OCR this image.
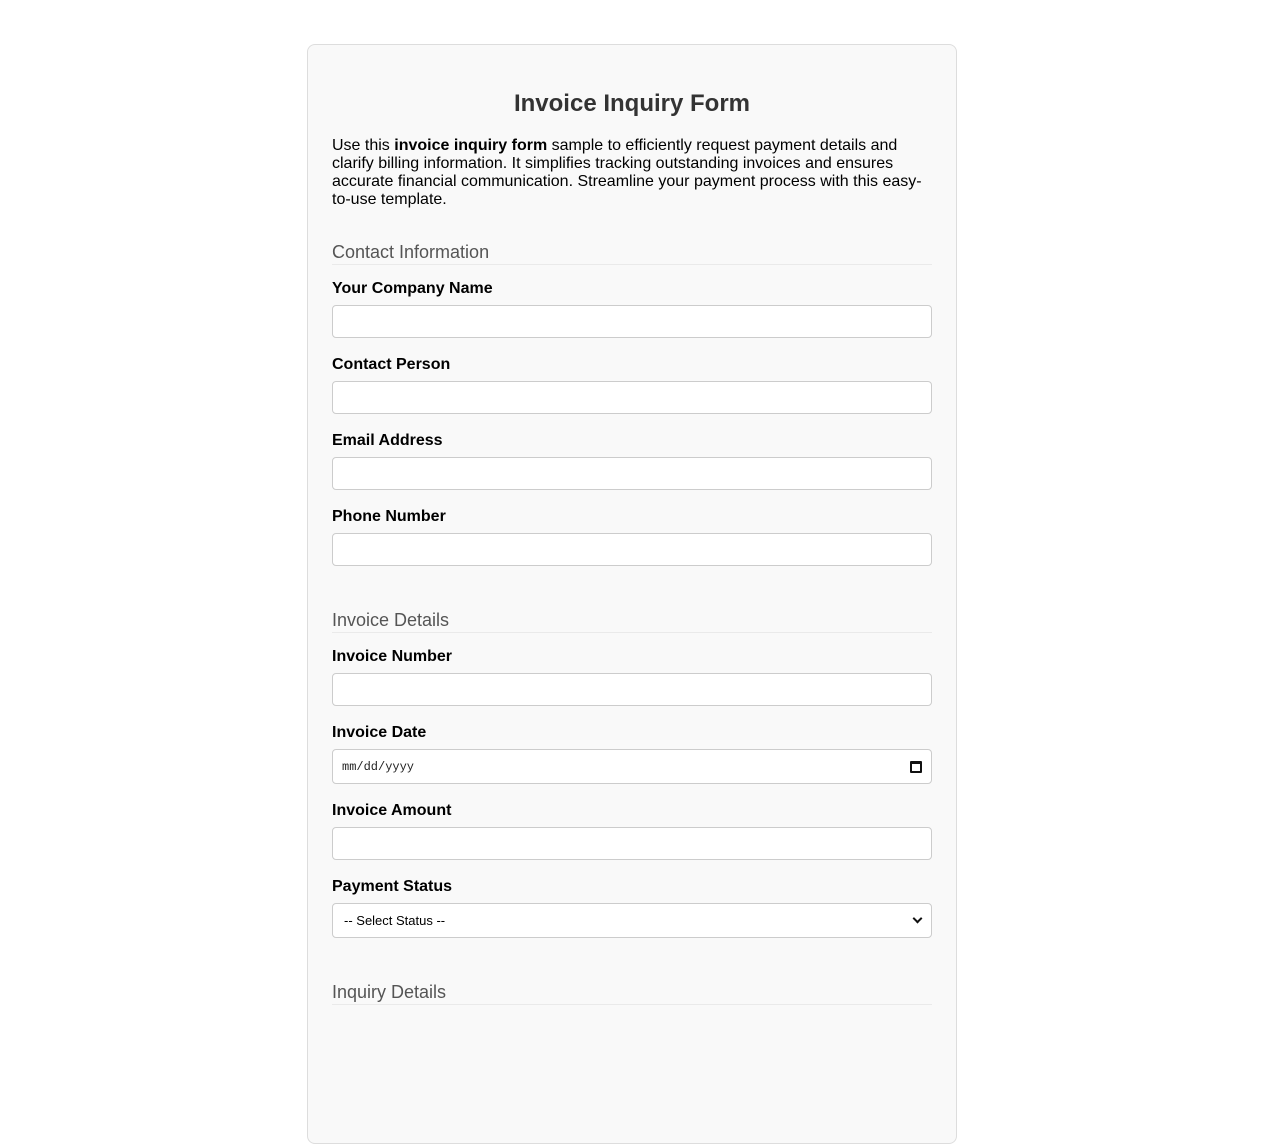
Invoice Inquiry Form

Use this invoice inquiry form sample to efficiently request payment details and clarify billing information. It simplifies tracking outstanding invoices and ensures accurate financial communication. Streamline your payment process with this easy-to-use template.

Contact Information
Your Company Name
Contact Person
Email Address
Phone Number
Invoice Details
Invoice Number
Invoice Date
mm/dd/yyyy
Invoice Amount
Payment Status
-- Select Status --
Inquiry Details
